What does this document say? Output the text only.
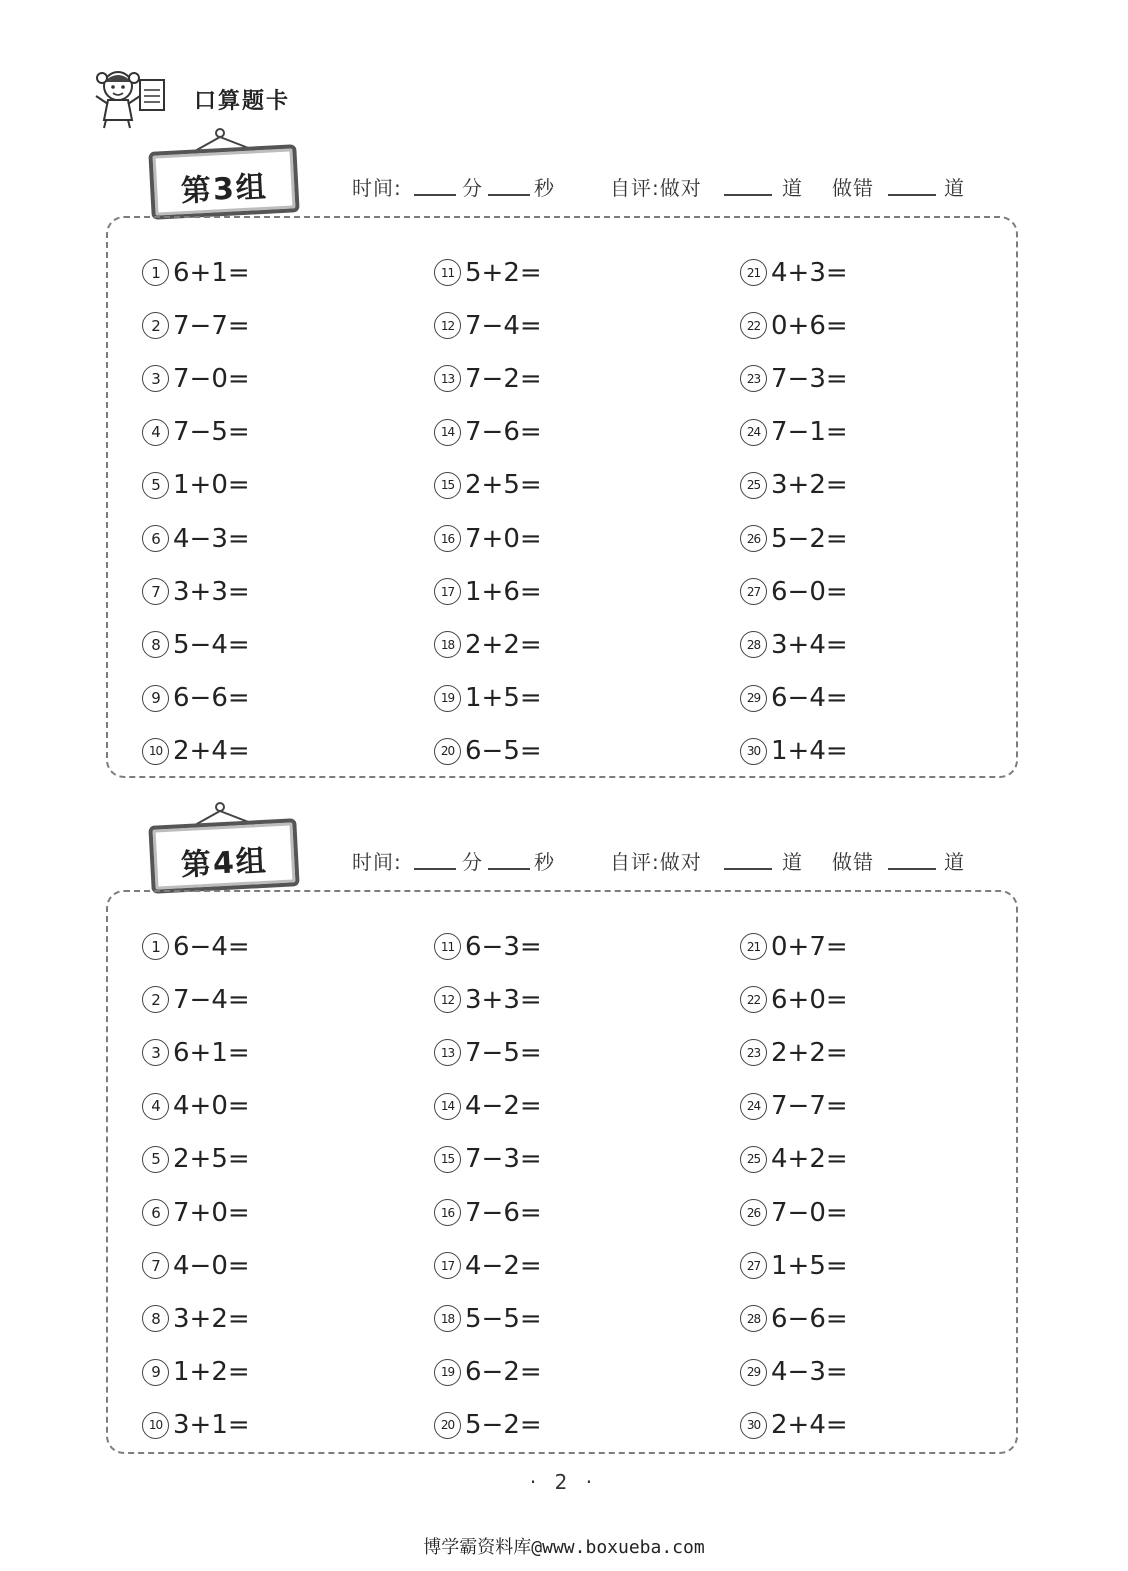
口算题卡
第3组	时间:	分	秒	自评:做对	道 做错	道
1 6+1=
2 7−7=
3 7−0=
4 7−5=
5 1+0=
6 4−3=
7 3+3=
8 5−4=
9 6−6=
10 2+4=
11 5+2=
12 7−4=
13 7−2=
14 7−6=
15 2+5=
16 7+0=
17 1+6=
18 2+2=
19 1+5=
20 6−5=
21 4+3=
22 0+6=
23 7−3=
24 7−1=
25 3+2=
26 5−2=
27 6−0=
28 3+4=
29 6−4=
30 1+4=
第4组	时间:	分	秒	自评:做对	道 做错	道
1 6−4=
2 7−4=
3 6+1=
4 4+0=
5 2+5=
6 7+0=
7 4−0=
8 3+2=
9 1+2=
10 3+1=
11 6−3=
12 3+3=
13 7−5=
14 4−2=
15 7−3=
16 7−6=
17 4−2=
18 5−5=
19 6−2=
20 5−2=
21 0+7=
22 6+0=
23 2+2=
24 7−7=
25 4+2=
26 7−0=
27 1+5=
28 6−6=
29 4−3=
30 2+4=
· 2 ·
博学霸资料库@www.boxueba.com
